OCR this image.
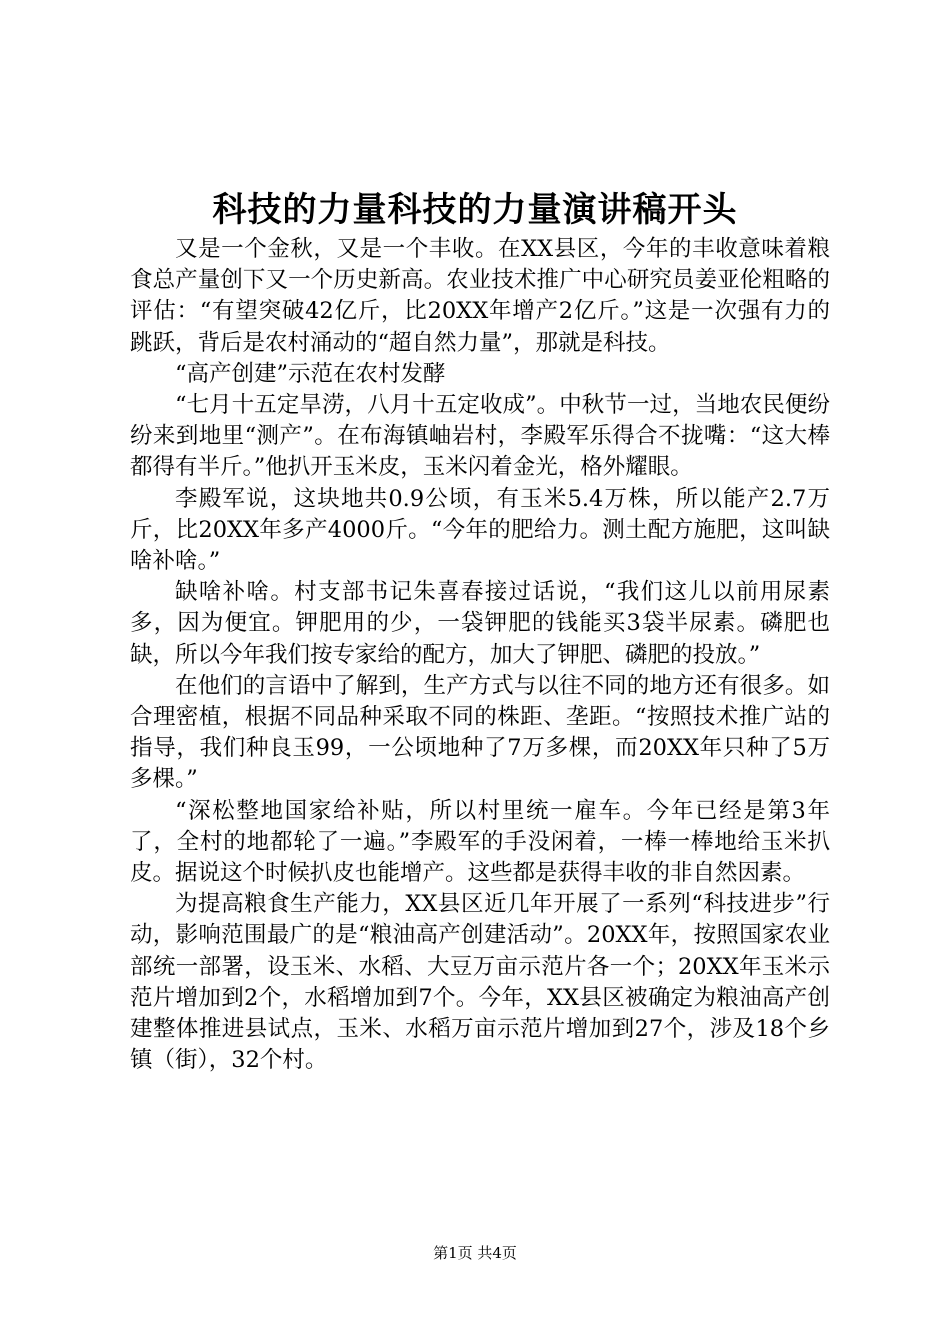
科技的力量科技的力量演讲稿开头

又是一个金秋，又是一个丰收。在XX县区，今年的丰收意味着粮食总产量创下又一个历史新高。农业技术推广中心研究员姜亚伦粗略的评估：“有望突破42亿斤，比20XX年增产2亿斤。”这是一次强有力的跳跃，背后是农村涌动的“超自然力量”，那就是科技。

“高产创建”示范在农村发酵

“七月十五定旱涝，八月十五定收成”。中秋节一过，当地农民便纷纷来到地里“测产”。在布海镇岫岩村，李殿军乐得合不拢嘴：“这大棒都得有半斤。”他扒开玉米皮，玉米闪着金光，格外耀眼。

李殿军说，这块地共0.9公顷，有玉米5.4万株，所以能产2.7万斤，比20XX年多产4000斤。“今年的肥给力。测土配方施肥，这叫缺啥补啥。”

缺啥补啥。村支部书记朱喜春接过话说，“我们这儿以前用尿素多，因为便宜。钾肥用的少，一袋钾肥的钱能买3袋半尿素。磷肥也缺，所以今年我们按专家给的配方，加大了钾肥、磷肥的投放。”

在他们的言语中了解到，生产方式与以往不同的地方还有很多。如合理密植，根据不同品种采取不同的株距、垄距。“按照技术推广站的指导，我们种良玉99，一公顷地种了7万多棵，而20XX年只种了5万多棵。”

“深松整地国家给补贴，所以村里统一雇车。今年已经是第3年了，全村的地都轮了一遍。”李殿军的手没闲着，一棒一棒地给玉米扒皮。据说这个时候扒皮也能增产。这些都是获得丰收的非自然因素。

为提高粮食生产能力，XX县区近几年开展了一系列“科技进步”行动，影响范围最广的是“粮油高产创建活动”。20XX年，按照国家农业部统一部署，设玉米、水稻、大豆万亩示范片各一个；20XX年玉米示范片增加到2个，水稻增加到7个。今年，XX县区被确定为粮油高产创建整体推进县试点，玉米、水稻万亩示范片增加到27个，涉及18个乡镇（街），32个村。

第1页 共4页
